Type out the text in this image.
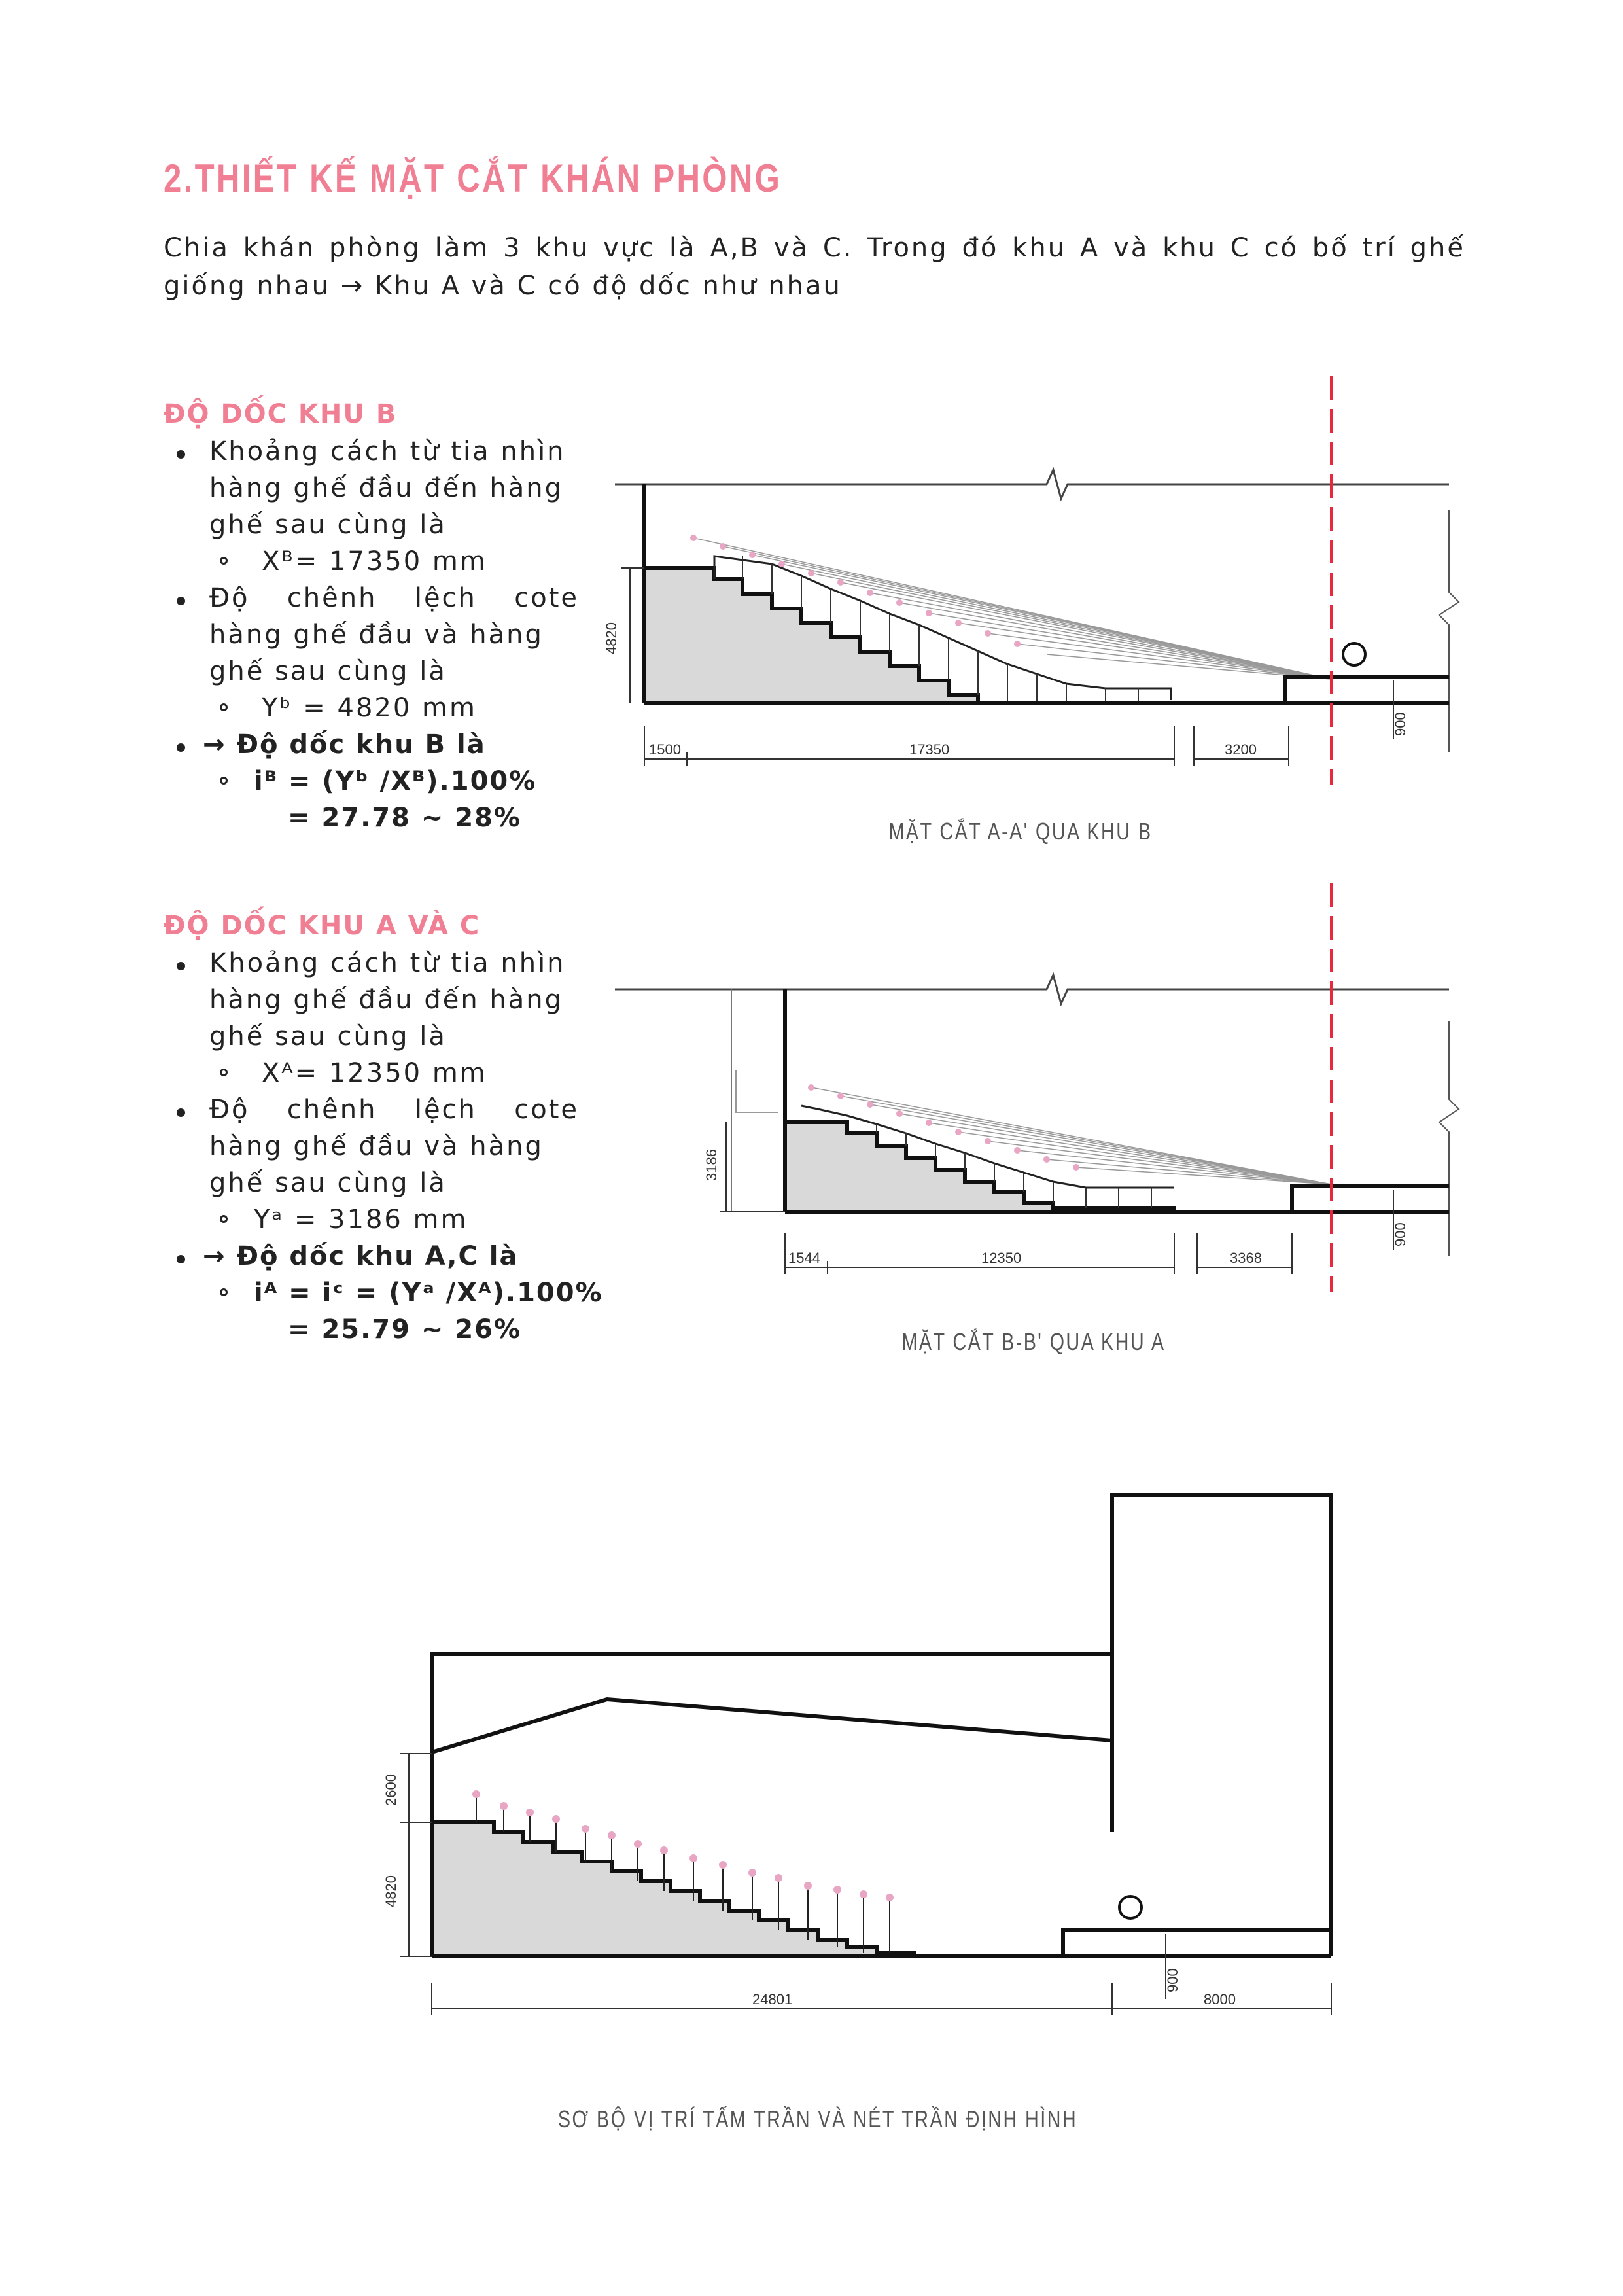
2.THIẾT KẾ MẶT CẮT KHÁN PHÒNG
Chia khán phòng làm 3 khu vực là A,B và C. Trong đó khu A và khu C có bố trí ghế giống nhau → Khu A và C có độ dốc như nhau
ĐỘ DỐC KHU B
Khoảng cách từ tia nhìn
hàng ghế đầu đến hàng
ghế sau cùng là
Xᴮ= 17350 mm
Độ chênh lệch cote
hàng ghế đầu và hàng
ghế sau cùng là
Yᵇ = 4820 mm
→ Độ dốc khu B là
iᴮ = (Yᵇ /Xᴮ).100%
= 27.78 ~ 28%
ĐỘ DỐC KHU A VÀ C
Khoảng cách từ tia nhìn
hàng ghế đầu đến hàng
ghế sau cùng là
Xᴬ= 12350 mm
Độ chênh lệch cote
hàng ghế đầu và hàng
ghế sau cùng là
Yᵃ = 3186 mm
→ Độ dốc khu A,C là
iᴬ = iᶜ = (Yᵃ /Xᴬ).100%
= 25.79 ~ 26%
O
4820
1500	17350	3200
900
MẶT CẮT A-A' QUA KHU B
3186
1544	12350	3368
900
MẶT CẮT B-B' QUA KHU A
O
2600
4820
24801	8000
900
SƠ BỘ VỊ TRÍ TẤM TRẦN VÀ NÉT TRẦN ĐỊNH HÌNH
